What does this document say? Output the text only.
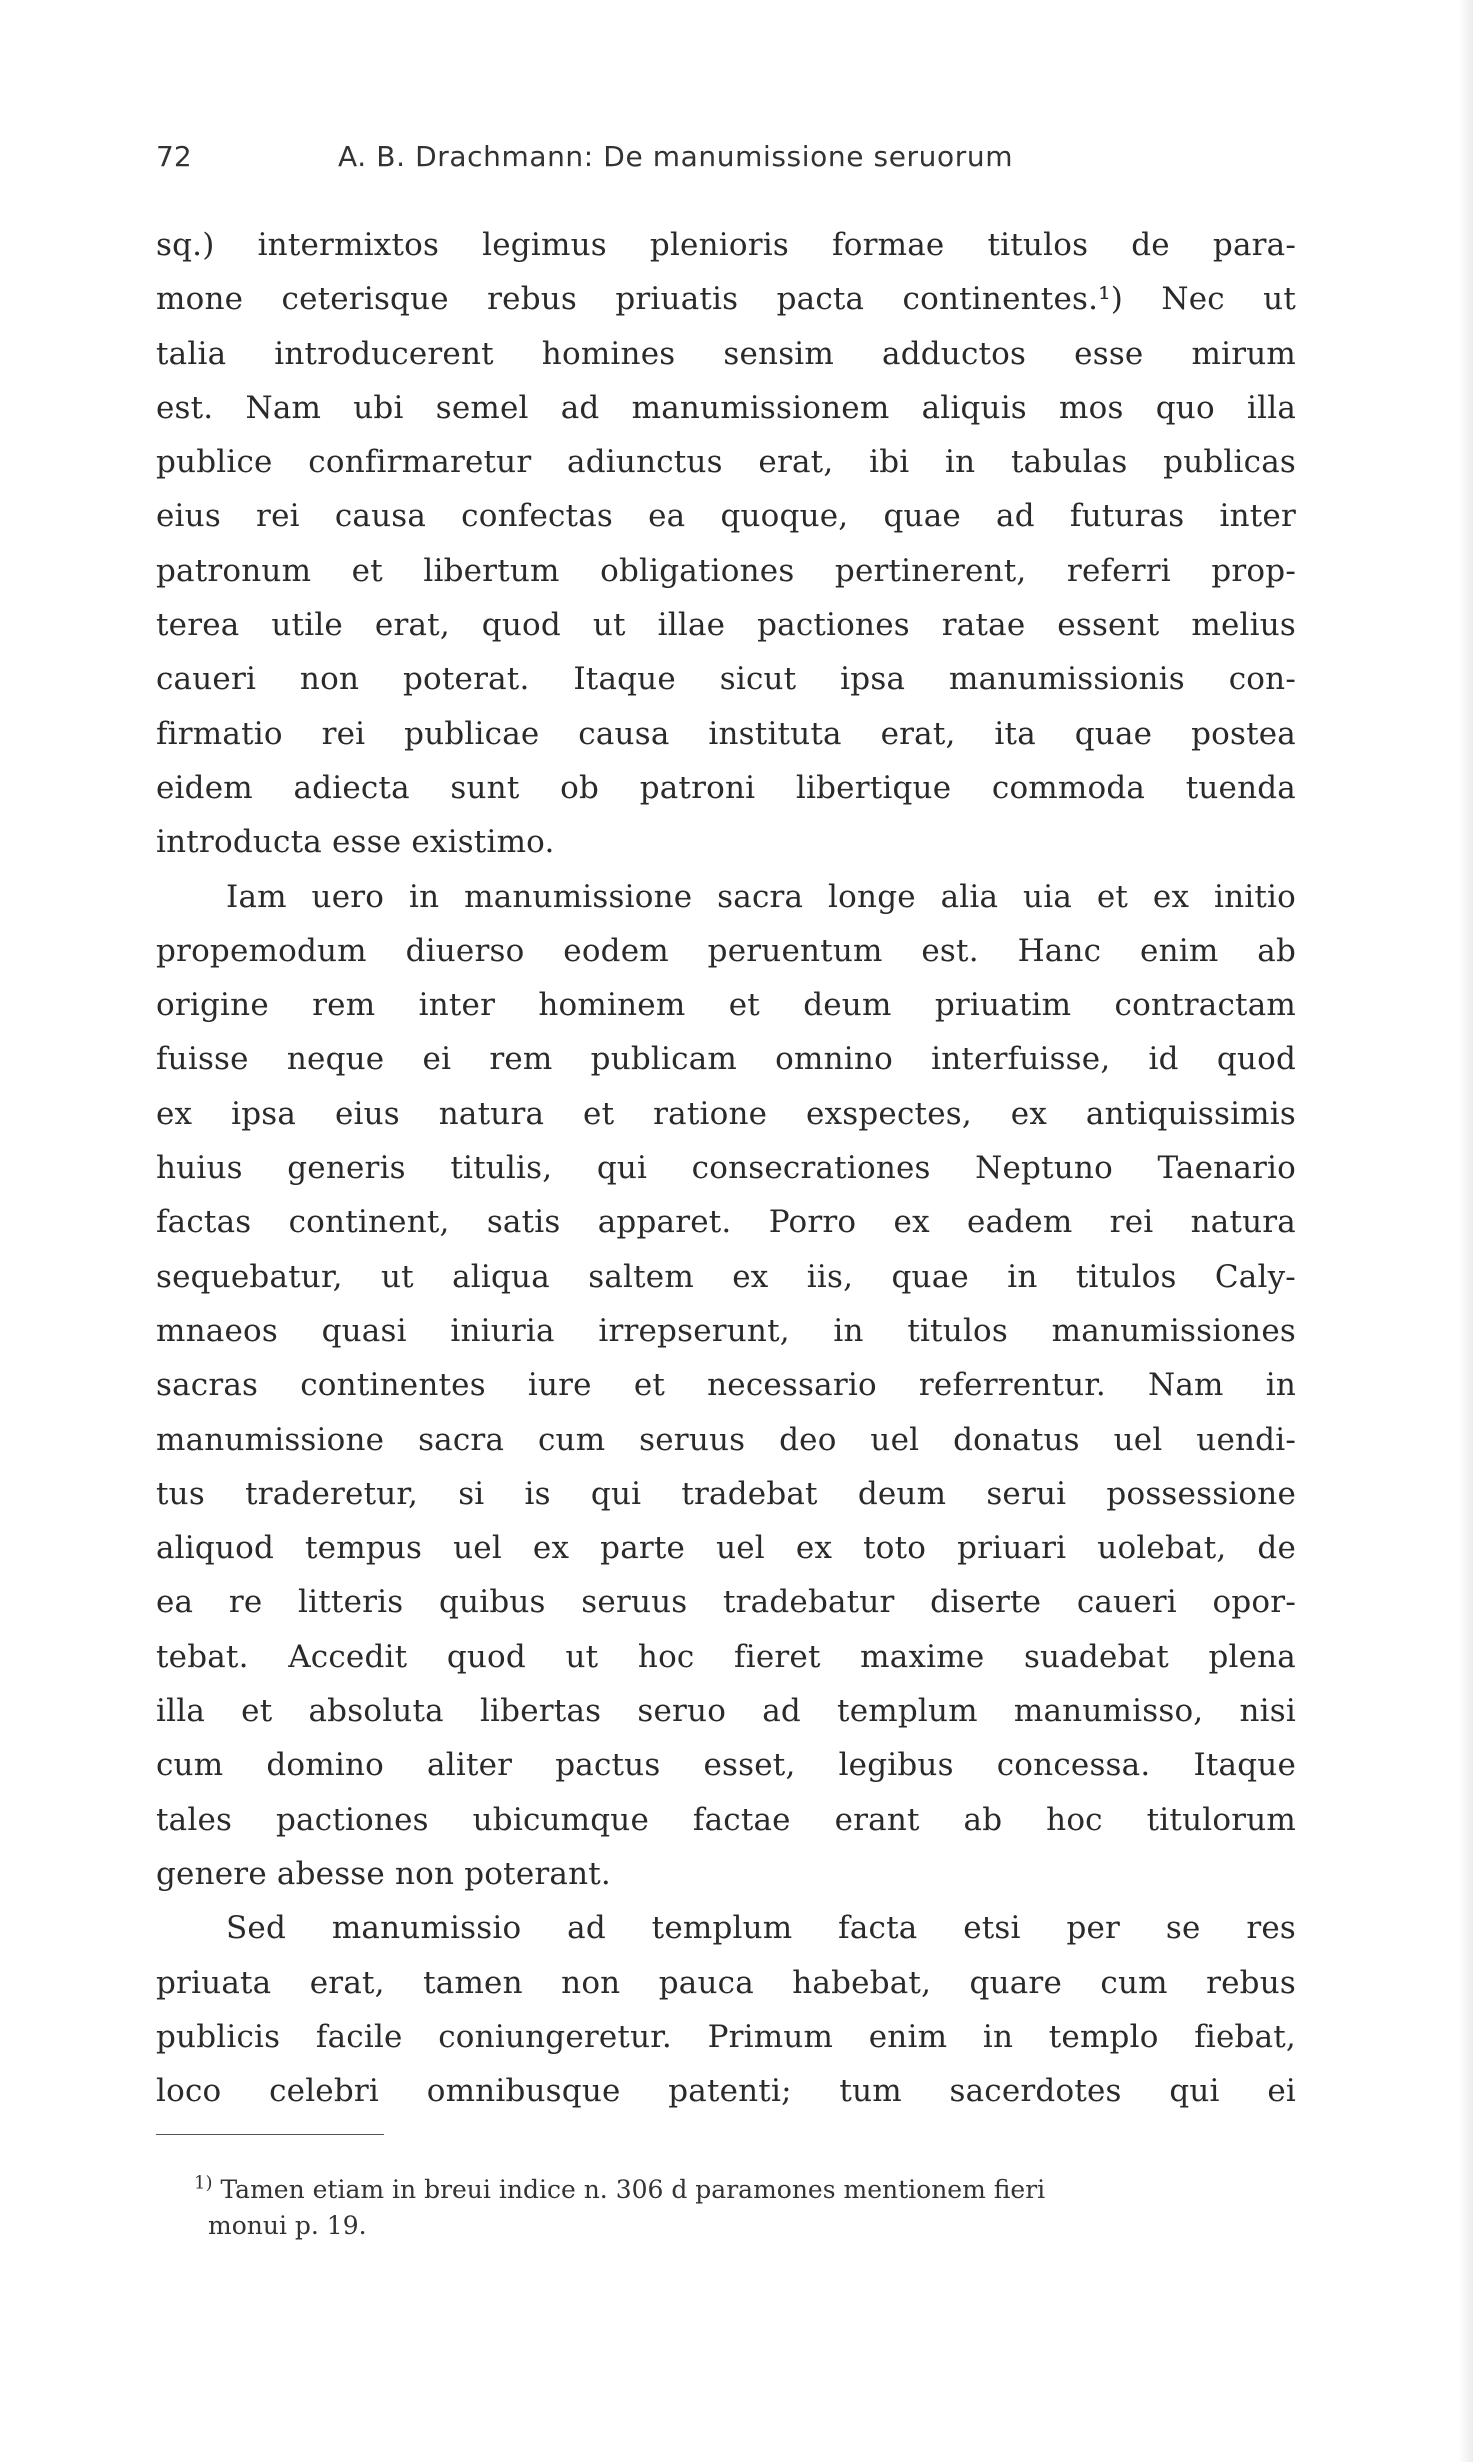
72	A. B. Drachmann: De manumissione seruorum
sq.) intermixtos legimus plenioris formae titulos de para-
mone ceterisque rebus priuatis pacta continentes.¹) Nec ut
talia introducerent homines sensim adductos esse mirum
est. Nam ubi semel ad manumissionem aliquis mos quo illa
publice confirmaretur adiunctus erat, ibi in tabulas publicas
eius rei causa confectas ea quoque, quae ad futuras inter
patronum et libertum obligationes pertinerent, referri prop-
terea utile erat, quod ut illae pactiones ratae essent melius
caueri non poterat. Itaque sicut ipsa manumissionis con-
firmatio rei publicae causa instituta erat, ita quae postea
eidem adiecta sunt ob patroni libertique commoda tuenda
introducta esse existimo.
Iam uero in manumissione sacra longe alia uia et ex initio
propemodum diuerso eodem peruentum est. Hanc enim ab
origine rem inter hominem et deum priuatim contractam
fuisse neque ei rem publicam omnino interfuisse, id quod
ex ipsa eius natura et ratione exspectes, ex antiquissimis
huius generis titulis, qui consecrationes Neptuno Taenario
factas continent, satis apparet. Porro ex eadem rei natura
sequebatur, ut aliqua saltem ex iis, quae in titulos Caly-
mnaeos quasi iniuria irrepserunt, in titulos manumissiones
sacras continentes iure et necessario referrentur. Nam in
manumissione sacra cum seruus deo uel donatus uel uendi-
tus traderetur, si is qui tradebat deum serui possessione
aliquod tempus uel ex parte uel ex toto priuari uolebat, de
ea re litteris quibus seruus tradebatur diserte caueri opor-
tebat. Accedit quod ut hoc fieret maxime suadebat plena
illa et absoluta libertas seruo ad templum manumisso, nisi
cum domino aliter pactus esset, legibus concessa. Itaque
tales pactiones ubicumque factae erant ab hoc titulorum
genere abesse non poterant.
Sed manumissio ad templum facta etsi per se res
priuata erat, tamen non pauca habebat, quare cum rebus
publicis facile coniungeretur. Primum enim in templo fiebat,
loco celebri omnibusque patenti; tum sacerdotes qui ei
$^{1)}$ Tamen etiam in breui indice n. 306 d paramones mentionem fieri
monui p. 19.
